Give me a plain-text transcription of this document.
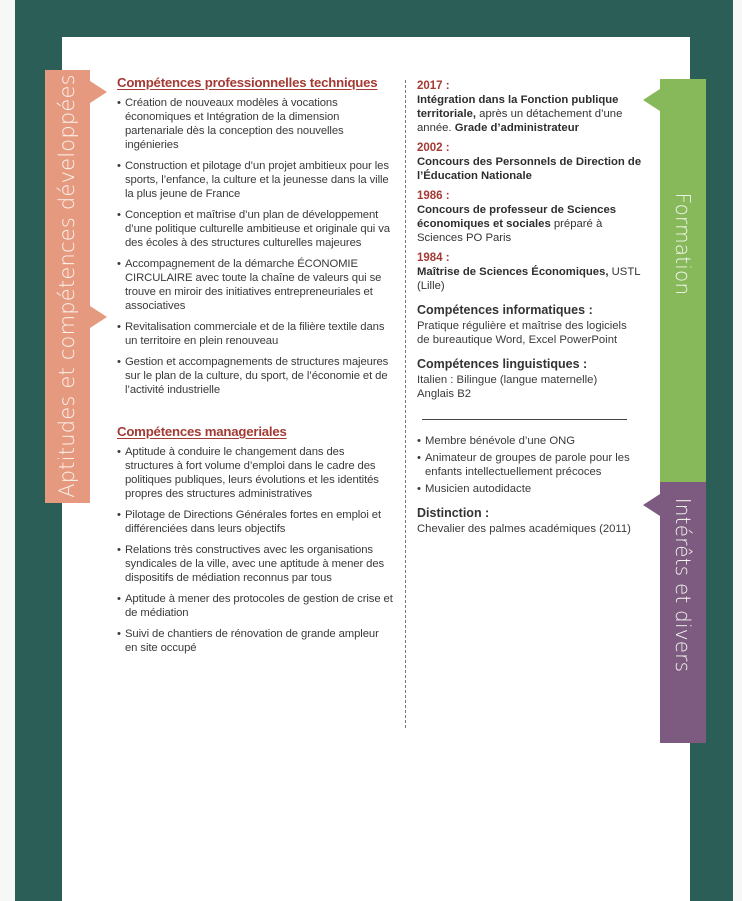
Aptitudes et compétences développées	Formation
Intérêts et divers
Compétences professionnelles techniques
• Création de nouveaux modèles à vocations économiques et Intégration de la dimension partenariale dès la conception des nouvelles ingénieries
• Construction et pilotage d’un projet ambitieux pour les sports, l’enfance, la culture et la jeunesse dans la ville la plus jeune de France
• Conception et maîtrise d’un plan de développement d’une politique culturelle ambitieuse et originale qui va des écoles à des structures culturelles majeures
• Accompagnement de la démarche ÉCONOMIE CIRCULAIRE avec toute la chaîne de valeurs qui se trouve en miroir des initiatives entrepreneuriales et associatives
• Revitalisation commerciale et de la filière textile dans un territoire en plein renouveau
• Gestion et accompagnements de structures majeures sur le plan de la culture, du sport, de l’économie et de l’activité industrielle
Compétences manageriales
• Aptitude à conduire le changement dans des structures à fort volume d’emploi dans le cadre des politiques publiques, leurs évolutions et les identités propres des structures administratives
• Pilotage de Directions Générales fortes en emploi et différenciées dans leurs objectifs
• Relations très constructives avec les organisations syndicales de la ville, avec une aptitude à mener des dispositifs de médiation reconnus par tous
• Aptitude à mener des protocoles de gestion de crise et de médiation
• Suivi de chantiers de rénovation de grande ampleur en site occupé
2017 :
Intégration dans la Fonction publique territoriale, après un détachement d’une année. Grade d’administrateur
2002 :
Concours des Personnels de Direction de l’Éducation Nationale
1986 :
Concours de professeur de Sciences économiques et sociales préparé à Sciences PO Paris
1984 :
Maîtrise de Sciences Économiques, USTL (Lille)
Compétences informatiques :
Pratique régulière et maîtrise des logiciels de bureautique Word, Excel PowerPoint
Compétences linguistiques :
Italien : Bilingue (langue maternelle)
Anglais B2
• Membre bénévole d’une ONG
• Animateur de groupes de parole pour les enfants intellectuellement précoces
• Musicien autodidacte
Distinction :
Chevalier des palmes académiques (2011)
